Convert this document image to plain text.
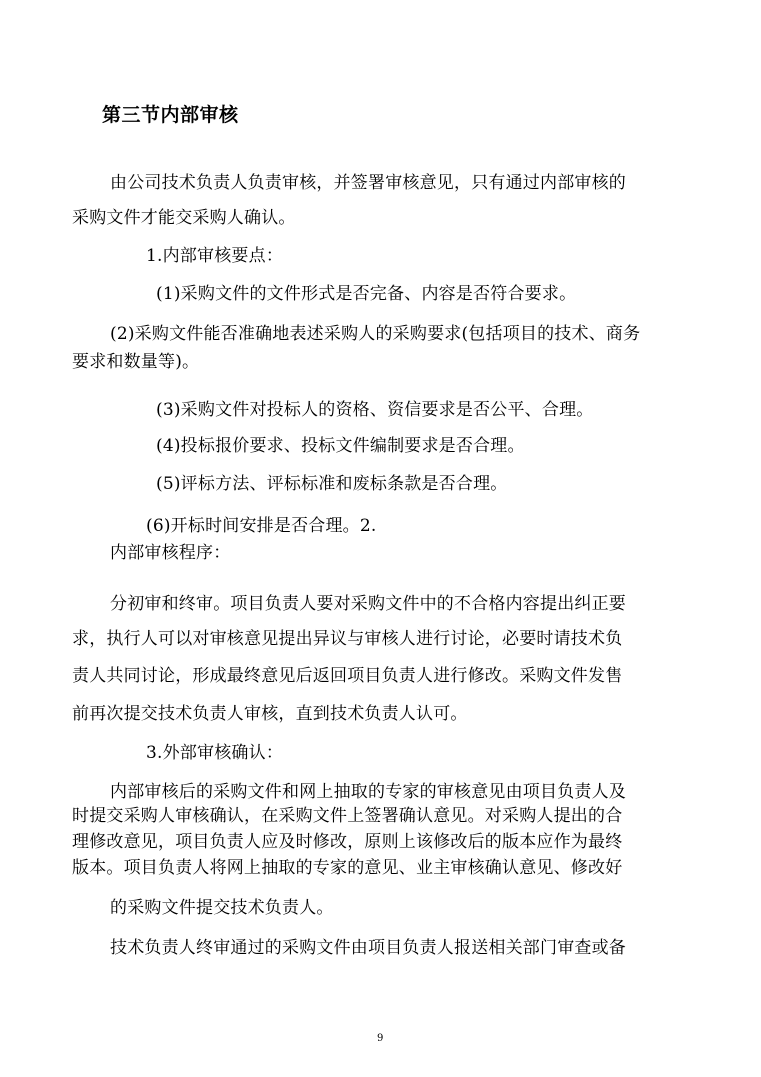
第三节内部审核
由公司技术负责人负责审核，并签署审核意见，只有通过内部审核的
采购文件才能交采购人确认。
1.内部审核要点：
(1)采购文件的文件形式是否完备、内容是否符合要求。
(2)采购文件能否准确地表述采购人的采购要求(包括项目的技术、商务
要求和数量等)。
(3)采购文件对投标人的资格、资信要求是否公平、合理。
(4)投标报价要求、投标文件编制要求是否合理。
(5)评标方法、评标标准和废标条款是否合理。
(6)开标时间安排是否合理。2.
内部审核程序：
分初审和终审。项目负责人要对采购文件中的不合格内容提出纠正要
求，执行人可以对审核意见提出异议与审核人进行讨论，必要时请技术负
责人共同讨论，形成最终意见后返回项目负责人进行修改。采购文件发售
前再次提交技术负责人审核，直到技术负责人认可。
3.外部审核确认：
内部审核后的采购文件和网上抽取的专家的审核意见由项目负责人及
时提交采购人审核确认，在采购文件上签署确认意见。对采购人提出的合
理修改意见，项目负责人应及时修改，原则上该修改后的版本应作为最终
版本。项目负责人将网上抽取的专家的意见、业主审核确认意见、修改好
的采购文件提交技术负责人。
技术负责人终审通过的采购文件由项目负责人报送相关部门审查或备
9
